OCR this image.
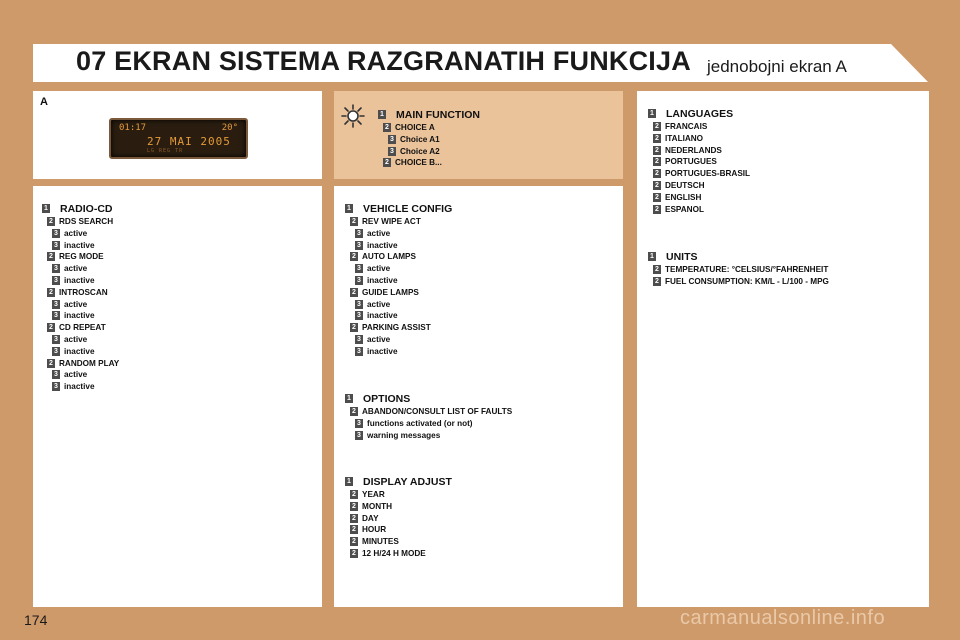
07 EKRAN SISTEMA RAZGRANATIH FUNKCIJA jednobojni ekran A
A
01:17	20°
27 MAI 2005
LG REG TR
1 MAIN FUNCTION
2 CHOICE A
3 Choice A1
3 Choice A2
2 CHOICE B...
1 RADIO-CD
2 RDS SEARCH
3 active
3 inactive
2 REG MODE
3 active
3 inactive
2 INTROSCAN
3 active
3 inactive
2 CD REPEAT
3 active
3 inactive
2 RANDOM PLAY
3 active
3 inactive
1 VEHICLE CONFIG
2 REV WIPE ACT
3 active
3 inactive
2 AUTO LAMPS
3 active
3 inactive
2 GUIDE LAMPS
3 active
3 inactive
2 PARKING ASSIST
3 active
3 inactive
1 OPTIONS
2 ABANDON/CONSULT LIST OF FAULTS
3 functions activated (or not)
3 warning messages
1 DISPLAY ADJUST
2 YEAR
2 MONTH
2 DAY
2 HOUR
2 MINUTES
2 12 H/24 H MODE
1 LANGUAGES
2 FRANCAIS
2 ITALIANO
2 NEDERLANDS
2 PORTUGUES
2 PORTUGUES-BRASIL
2 DEUTSCH
2 ENGLISH
2 ESPANOL
1 UNITS
2 TEMPERATURE: °CELSIUS/°FAHRENHEIT
2 FUEL CONSUMPTION: KM/L - L/100 - MPG
174	carmanualsonline.info
